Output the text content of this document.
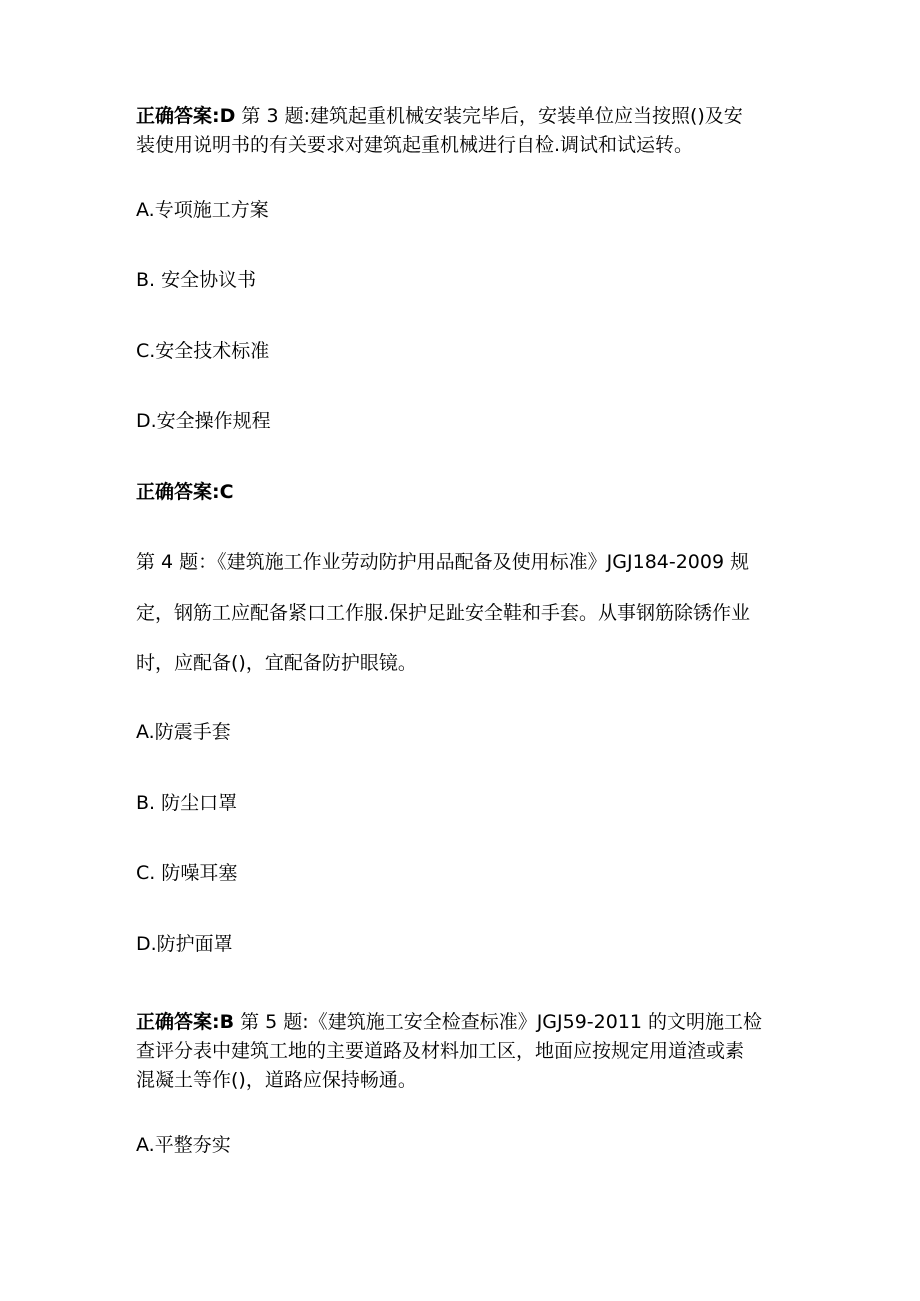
正确答案:D 第 3 题:建筑起重机械安装完毕后，安装单位应当按照()及安
装使用说明书的有关要求对建筑起重机械进行自检.调试和试运转。
A.专项施工方案
B. 安全协议书
C.安全技术标准
D.安全操作规程
正确答案:C
第 4 题：《建筑施工作业劳动防护用品配备及使用标准》JGJ184-2009 规
定，钢筋工应配备紧口工作服.保护足趾安全鞋和手套。从事钢筋除锈作业
时，应配备()，宜配备防护眼镜。
A.防震手套
B. 防尘口罩
C. 防噪耳塞
D.防护面罩
正确答案:B 第 5 题:《建筑施工安全检查标准》JGJ59-2011 的文明施工检
查评分表中建筑工地的主要道路及材料加工区，地面应按规定用道渣或素
混凝土等作()，道路应保持畅通。
A.平整夯实
